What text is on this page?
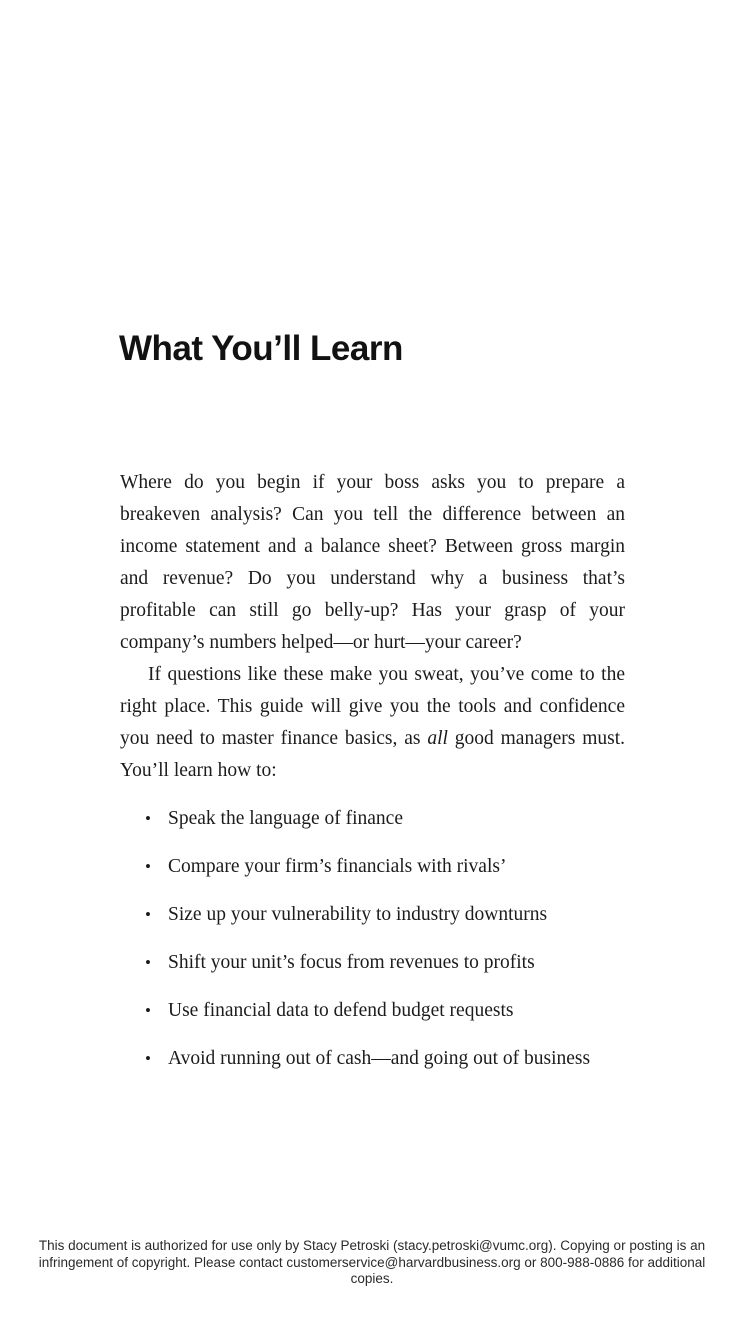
What You’ll Learn

Where do you begin if your boss asks you to prepare a breakeven analysis? Can you tell the difference between an income statement and a balance sheet? Between gross margin and revenue? Do you understand why a business that’s profitable can still go belly-up? Has your grasp of your company’s numbers helped—or hurt—your career?

If questions like these make you sweat, you’ve come to the right place. This guide will give you the tools and confidence you need to master finance basics, as all good managers must. You’ll learn how to:

• Speak the language of finance
• Compare your firm’s financials with rivals’
• Size up your vulnerability to industry downturns
• Shift your unit’s focus from revenues to profits
• Use financial data to defend budget requests
• Avoid running out of cash—and going out of business
This document is authorized for use only by Stacy Petroski (stacy.petroski@vumc.org). Copying or posting is an infringement of copyright. Please contact customerservice@harvardbusiness.org or 800-988-0886 for additional copies.
